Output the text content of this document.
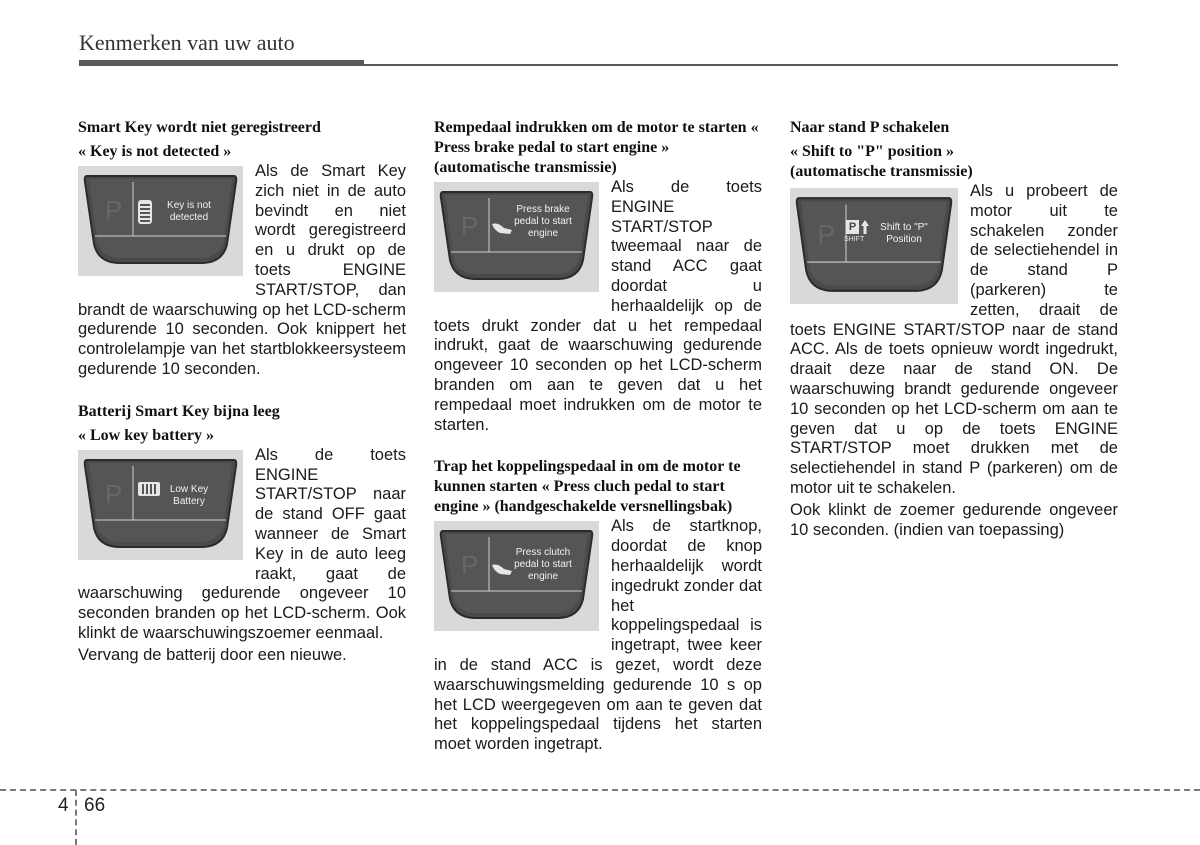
Kenmerken van uw auto
Smart Key wordt niet geregistreerd
« Key is not detected »
P	Key is not detected
Als de Smart Key zich niet in de auto bevindt en niet wordt geregistreerd en u drukt op de toets ENGINE START/STOP, dan brandt de waarschuwing op het LCD-scherm gedurende 10 seconden. Ook knippert het controlelampje van het startblokkeersysteem gedurende 10 seconden.
Batterij Smart Key bijna leeg
« Low key battery »
P	Low Key Battery
Als de toets ENGINE START/STOP naar de stand OFF gaat wanneer de Smart Key in de auto leeg raakt, gaat de waarschuwing gedurende ongeveer 10 seconden branden op het LCD-scherm. Ook klinkt de waarschuwingszoemer eenmaal.
Vervang de batterij door een nieuwe.
Rempedaal indrukken om de motor te starten « Press brake pedal to start engine » (automatische transmissie)
P
Press brake pedal to start engine
Als de toets ENGINE START/STOP tweemaal naar de stand ACC gaat doordat u herhaaldelijk op de toets drukt zonder dat u het rempedaal indrukt, gaat de waarschuwing gedurende ongeveer 10 seconden op het LCD-scherm branden om aan te geven dat u het rempedaal moet indrukken om de motor te starten.
Trap het koppelingspedaal in om de motor te kunnen starten « Press cluch pedal to start engine » (handgeschakelde versnellingsbak)
P	Press clutch pedal to start engine
Als de startknop, doordat de knop herhaaldelijk wordt ingedrukt zonder dat het koppelingspedaal is ingetrapt, twee keer in de stand ACC is gezet, wordt deze waarschuwingsmelding gedurende 10 s op het LCD weergegeven om aan te geven dat het koppelingspedaal tijdens het starten moet worden ingetrapt.
Naar stand P schakelen
« Shift to "P" position »
(automatische transmissie)
P P
SHIFT
Shift to "P" Position
Als u probeert de motor uit te schakelen zonder de selectiehendel in de stand P (parkeren) te zetten, draait de toets ENGINE START/STOP naar de stand ACC. Als de toets opnieuw wordt ingedrukt, draait deze naar de stand ON. De waarschuwing brandt gedurende ongeveer 10 seconden op het LCD-scherm om aan te geven dat u op de toets ENGINE START/STOP moet drukken met de selectiehendel in stand P (parkeren) om de motor uit te schakelen.
Ook klinkt de zoemer gedurende ongeveer 10 seconden. (indien van toepassing)
4 66
